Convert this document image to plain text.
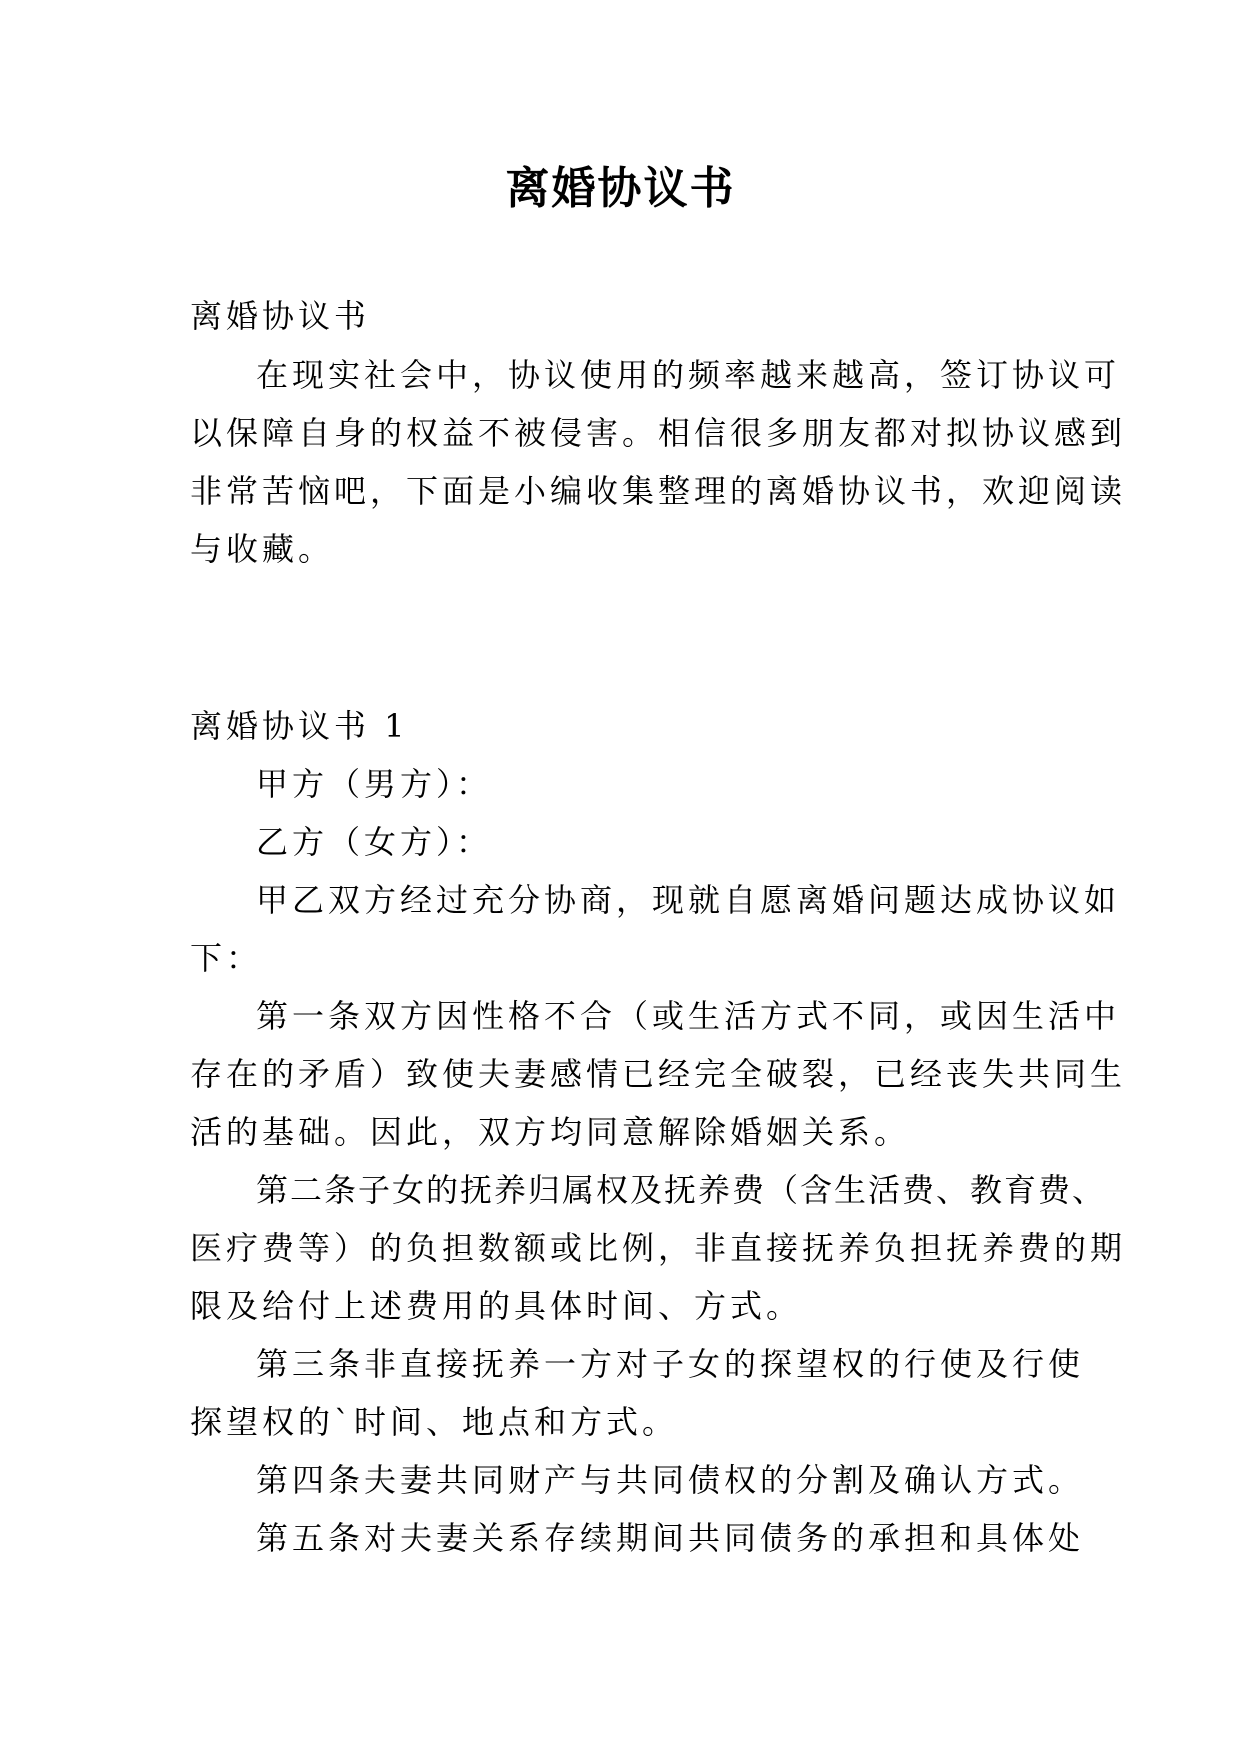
离婚协议书
离婚协议书
在现实社会中，协议使用的频率越来越高，签订协议可
以保障自身的权益不被侵害。相信很多朋友都对拟协议感到
非常苦恼吧，下面是小编收集整理的离婚协议书，欢迎阅读
与收藏。
离婚协议书 1
甲方（男方）：
乙方（女方）：
甲乙双方经过充分协商，现就自愿离婚问题达成协议如
下：
第一条双方因性格不合（或生活方式不同，或因生活中
存在的矛盾）致使夫妻感情已经完全破裂，已经丧失共同生
活的基础。因此，双方均同意解除婚姻关系。
第二条子女的抚养归属权及抚养费（含生活费、教育费、
医疗费等）的负担数额或比例，非直接抚养负担抚养费的期
限及给付上述费用的具体时间、方式。
第三条非直接抚养一方对子女的探望权的行使及行使
探望权的`时间、地点和方式。
第四条夫妻共同财产与共同债权的分割及确认方式。
第五条对夫妻关系存续期间共同债务的承担和具体处
